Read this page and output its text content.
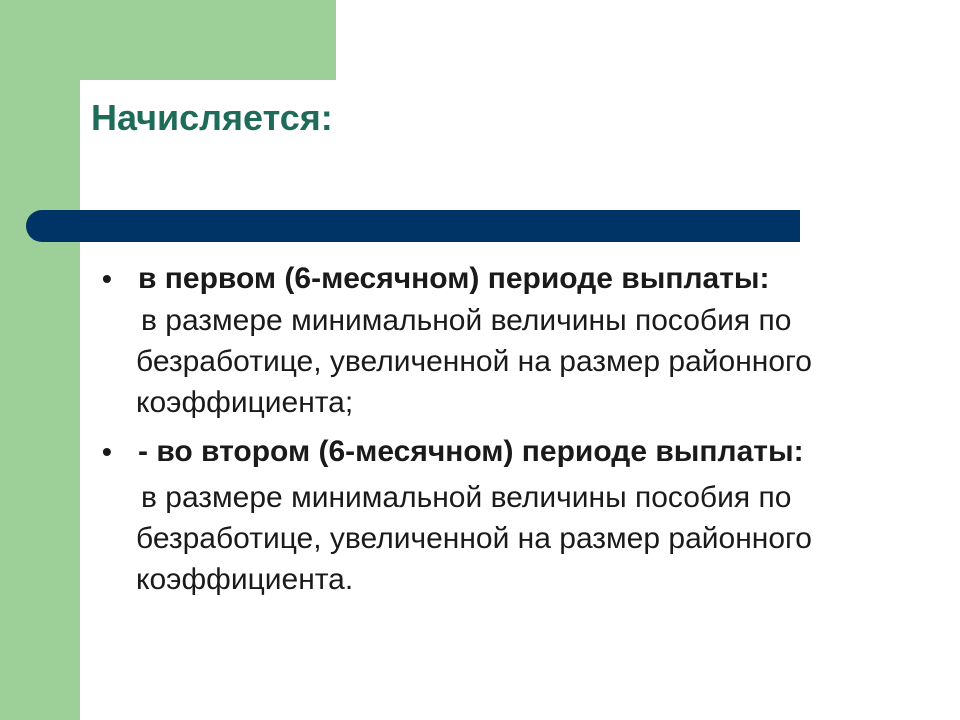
Начисляется:
• в первом (6-месячном) периоде выплаты:
в размере минимальной величины пособия по безработице, увеличенной на размер районного коэффициента;
• - во втором (6-месячном) периоде выплаты:
в размере минимальной величины пособия по безработице, увеличенной на размер районного коэффициента.
